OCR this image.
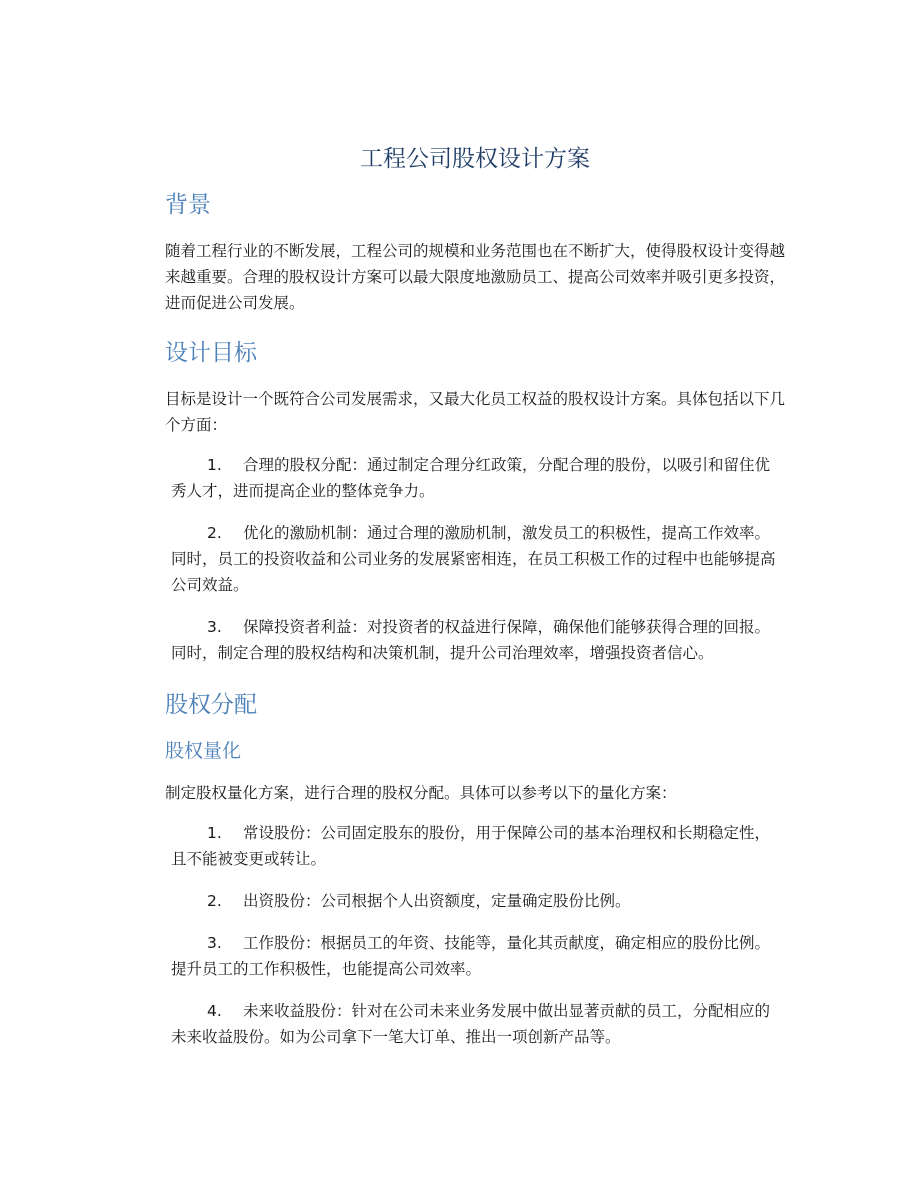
工程公司股权设计方案
背景

随着工程行业的不断发展，工程公司的规模和业务范围也在不断扩大，使得股权设计变得越来越重要。合理的股权设计方案可以最大限度地激励员工、提高公司效率并吸引更多投资，进而促进公司发展。

设计目标

目标是设计一个既符合公司发展需求，又最大化员工权益的股权设计方案。具体包括以下几个方面：

1. 合理的股权分配：通过制定合理分红政策，分配合理的股份，以吸引和留住优秀人才，进而提高企业的整体竞争力。
2. 优化的激励机制：通过合理的激励机制，激发员工的积极性，提高工作效率。同时，员工的投资收益和公司业务的发展紧密相连，在员工积极工作的过程中也能够提高公司效益。
3. 保障投资者利益：对投资者的权益进行保障，确保他们能够获得合理的回报。同时，制定合理的股权结构和决策机制，提升公司治理效率，增强投资者信心。
股权分配
股权量化

制定股权量化方案，进行合理的股权分配。具体可以参考以下的量化方案：

1. 常设股份：公司固定股东的股份，用于保障公司的基本治理权和长期稳定性，且不能被变更或转让。
2. 出资股份：公司根据个人出资额度，定量确定股份比例。
3. 工作股份：根据员工的年资、技能等，量化其贡献度，确定相应的股份比例。提升员工的工作积极性，也能提高公司效率。
4. 未来收益股份：针对在公司未来业务发展中做出显著贡献的员工，分配相应的未来收益股份。如为公司拿下一笔大订单、推出一项创新产品等。
